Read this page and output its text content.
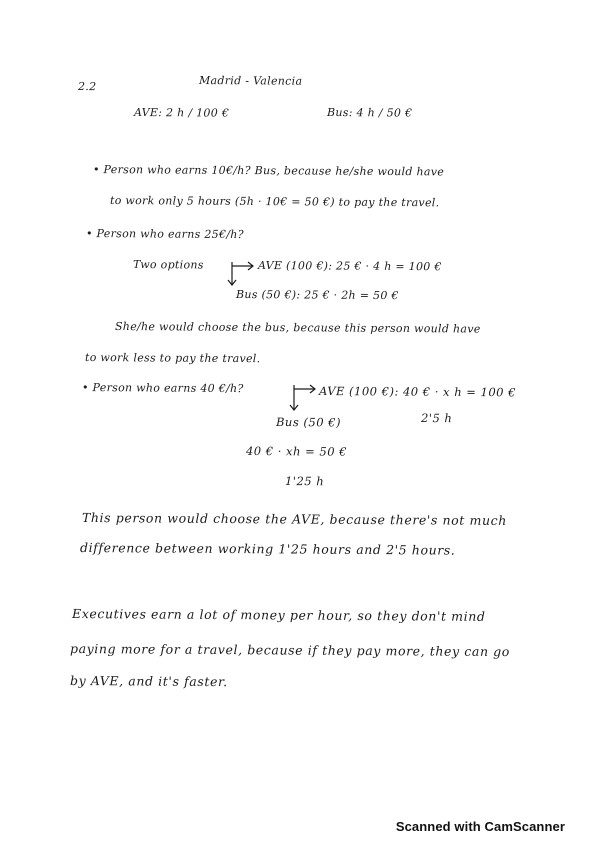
2.2	Madrid - Valencia
AVE: 2 h / 100 €	Bus: 4 h / 50 €
• Person who earns 10€/h? Bus, because he/she would have
to work only 5 hours (5h · 10€ = 50 €) to pay the travel.
• Person who earns 25€/h?
Two options	AVE (100 €): 25 € · 4 h = 100 €
Bus (50 €): 25 € · 2h = 50 €
She/he would choose the bus, because this person would have
to work less to pay the travel.
• Person who earns 40 €/h?	AVE (100 €): 40 € · x h = 100 €
2'5 h
Bus (50 €)
40 € · xh = 50 €
1'25 h
This person would choose the AVE, because there's not much
difference between working 1'25 hours and 2'5 hours.
Executives earn a lot of money per hour, so they don't mind
paying more for a travel, because if they pay more, they can go
by AVE, and it's faster.
Scanned with CamScanner
